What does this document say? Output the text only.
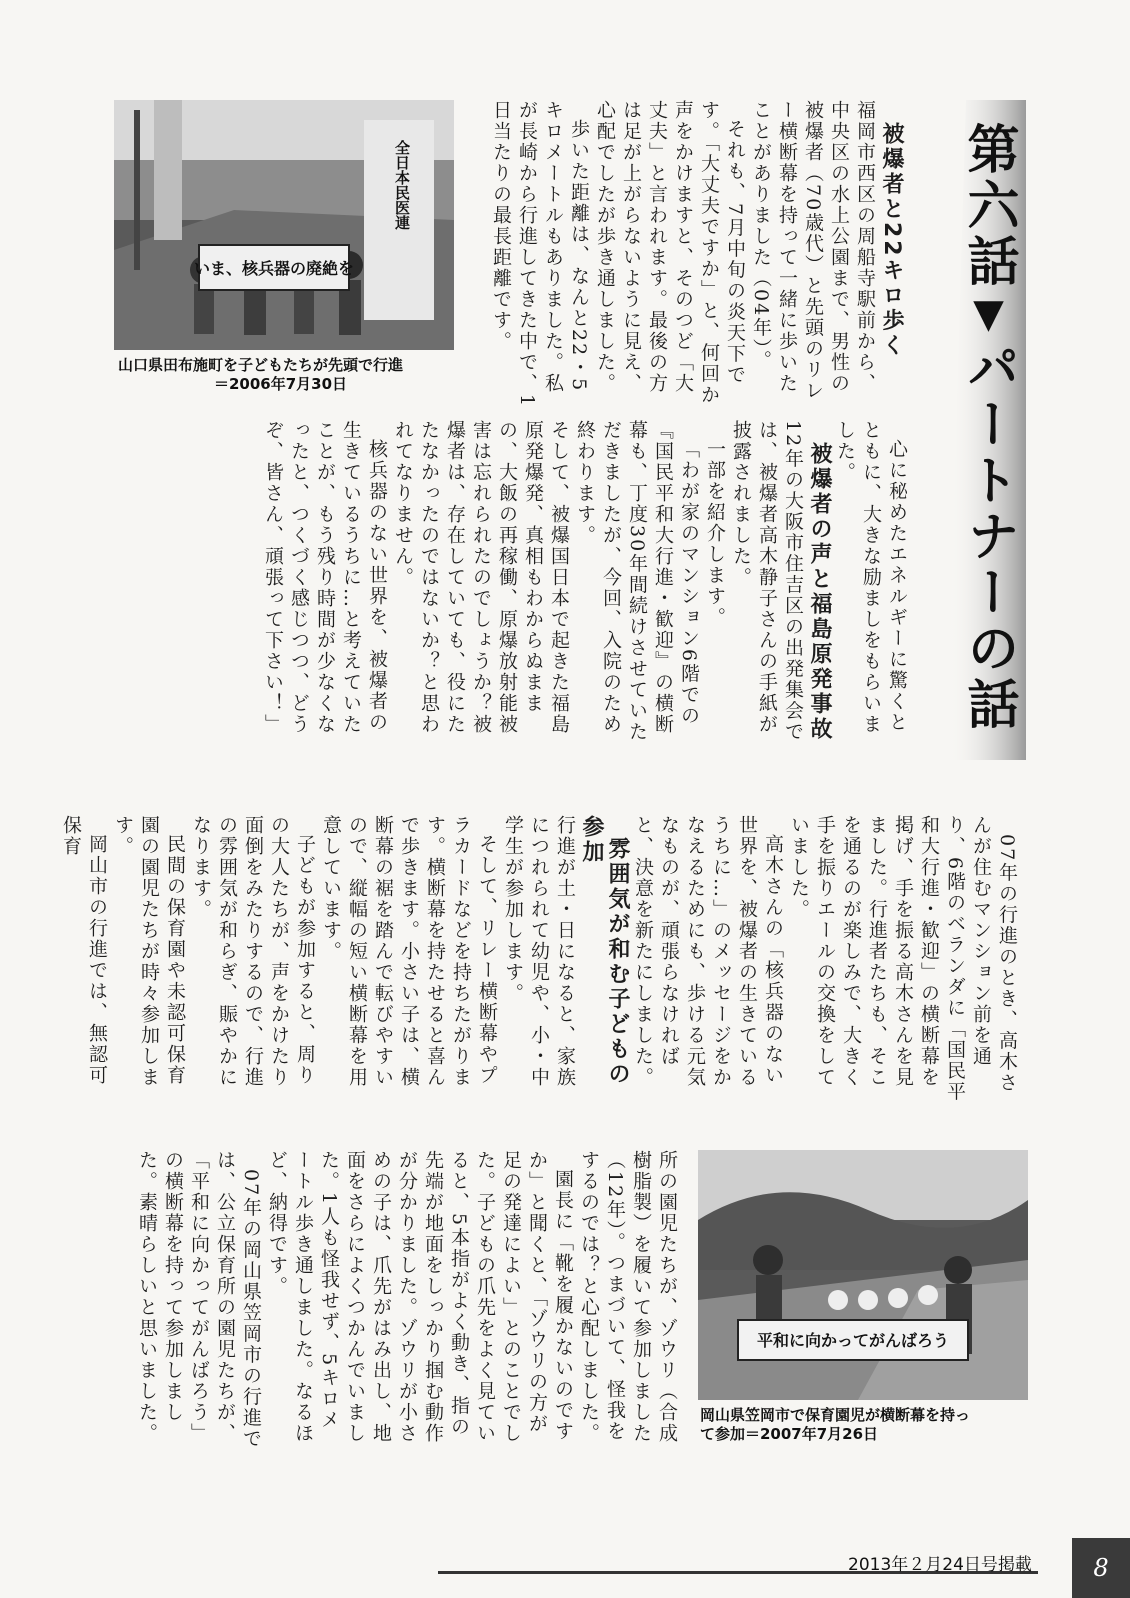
いま、核兵器の廃絶を
全日本民医連
山口県田布施町を子どもたちが先頭で行進
＝2006年7月30日
第六話▼パートナーの話

被爆者と22キロ歩く

福岡市西区の周船寺駅前から、中央区の水上公園まで、男性の被爆者（70歳代）と先頭のリレー横断幕を持って一緒に歩いたことがありました（04年）。

それも、7月中旬の炎天下です。「大丈夫ですか」と、何回か声をかけますと、そのつど「大丈夫」と言われます。最後の方は足が上がらないように見え、心配でしたが歩き通しました。

歩いた距離は、なんと22・5キロメートルもありました。私が長崎から行進してきた中で、1日当たりの最長距離です。

心に秘めたエネルギーに驚くとともに、大きな励ましをもらいました。

被爆者の声と福島原発事故

12年の大阪市住吉区の出発集会では、被爆者高木静子さんの手紙が披露されました。

一部を紹介します。

「わが家のマンション6階での『国民平和大行進・歓迎』の横断幕も、丁度30年間続けさせていただきましたが、今回、入院のため終わります。

そして、被爆国日本で起きた福島原発爆発、真相もわからぬままの、大飯の再稼働、原爆放射能被害は忘れられたのでしょうか？被爆者は、存在していても、役にたたなかったのではないか？と思われてなりません。

核兵器のない世界を、被爆者の生きているうちに…と考えていたことが、もう残り時間が少なくなったと、つくづく感じつつ、どうぞ、皆さん、頑張って下さい！」

07年の行進のとき、高木さんが住むマンション前を通り、6階のベランダに「国民平和大行進・歓迎」の横断幕を掲げ、手を振る高木さんを見ました。行進者たちも、そこを通るのが楽しみで、大きく手を振りエールの交換をしていました。

高木さんの「核兵器のない世界を、被爆者の生きているうちに…」のメッセージをかなえるためにも、歩ける元気なものが、頑張らなければと、決意を新たにしました。

雰囲気が和む子どもの参加

行進が土・日になると、家族につれられて幼児や、小・中学生が参加します。

そして、リレー横断幕やプラカードなどを持ちたがります。横断幕を持たせると喜んで歩きます。小さい子は、横断幕の裾を踏んで転びやすいので、縦幅の短い横断幕を用意しています。

子どもが参加すると、周りの大人たちが、声をかけたり面倒をみたりするので、行進の雰囲気が和らぎ、賑やかになります。

民間の保育園や未認可保育園の園児たちが時々参加します。

岡山市の行進では、無認可保育

所の園児たちが、ゾウリ（合成樹脂製）を履いて参加しました（12年）。つまづいて、怪我をするのでは？と心配しました。

園長に「靴を履かないのですか」と聞くと、「ゾウリの方が足の発達によい」とのことでした。子どもの爪先をよく見ていると、5本指がよく動き、指の先端が地面をしっかり掴む動作が分かりました。ゾウリが小さめの子は、爪先がはみ出し、地面をさらによくつかんでいました。1人も怪我せず、5キロメートル歩き通しました。なるほど、納得です。

07年の岡山県笠岡市の行進では、公立保育所の園児たちが、「平和に向かってがんばろう」の横断幕を持って参加しました。素晴らしいと思いました。	平和に向かってがんばろう
岡山県笠岡市で保育園児が横断幕を持っ
て参加＝2007年7月26日
2013年２月24日号掲載	8
